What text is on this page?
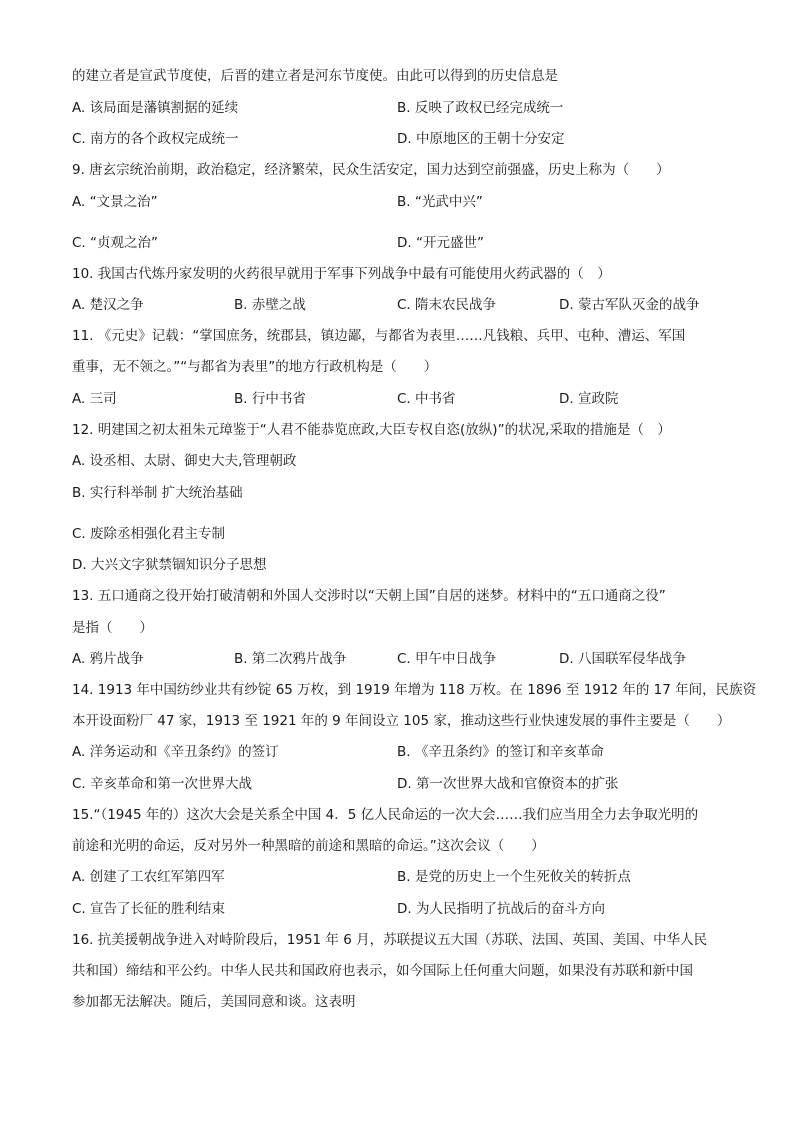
的建立者是宣武节度使，后晋的建立者是河东节度使。由此可以得到的历史信息是
A. 该局面是藩镇割据的延续	B. 反映了政权已经完成统一
C. 南方的各个政权完成统一	D. 中原地区的王朝十分安定
9. 唐玄宗统治前期，政治稳定，经济繁荣，民众生活安定，国力达到空前强盛，历史上称为（　　）
A. “文景之治”	B. “光武中兴”
C. “贞观之治”	D. “开元盛世”
10. 我国古代炼丹家发明的火药很早就用于军事下列战争中最有可能使用火药武器的（　）
A. 楚汉之争	B. 赤壁之战	C. 隋末农民战争	D. 蒙古军队灭金的战争
11. 《元史》记载：“掌国庶务，统郡县，镇边鄙，与都省为表里……凡钱粮、兵甲、屯种、漕运、军国
重事，无不领之。”“与都省为表里”的地方行政机构是（　　）
A. 三司	B. 行中书省	C. 中书省	D. 宣政院
12. 明建国之初太祖朱元璋鉴于“人君不能恭览庶政,大臣专权自恣(放纵)”的状况,采取的措施是（　）
A. 设丞相、太尉、御史大夫,管理朝政
B. 实行科举制 扩大统治基础
C. 废除丞相强化君主专制
D. 大兴文字狱禁锢知识分子思想
13. 五口通商之役开始打破清朝和外国人交涉时以“天朝上国”自居的迷梦。材料中的“五口通商之役”
是指（　　）
A. 鸦片战争	B. 第二次鸦片战争	C. 甲午中日战争	D. 八国联军侵华战争
14. 1913 年中国纺纱业共有纱锭 65 万枚，到 1919 年增为 118 万枚。在 1896 至 1912 年的 17 年间，民族资
本开设面粉厂 47 家，1913 至 1921 年的 9 年间设立 105 家，推动这些行业快速发展的事件主要是（　　）
A. 洋务运动和《辛丑条约》的签订	B. 《辛丑条约》的签订和辛亥革命
C. 辛亥革命和第一次世界大战	D. 第一次世界大战和官僚资本的扩张
15.“（1945 年的）这次大会是关系全中国 4．5 亿人民命运的一次大会……我们应当用全力去争取光明的
前途和光明的命运，反对另外一种黑暗的前途和黑暗的命运。”这次会议（　　）
A. 创建了工农红军第四军	B. 是党的历史上一个生死攸关的转折点
C. 宣告了长征的胜利结束	D. 为人民指明了抗战后的奋斗方向
16. 抗美援朝战争进入对峙阶段后，1951 年 6 月，苏联提议五大国（苏联、法国、英国、美国、中华人民
共和国）缔结和平公约。中华人民共和国政府也表示，如今国际上任何重大问题，如果没有苏联和新中国
参加都无法解决。随后，美国同意和谈。这表明
